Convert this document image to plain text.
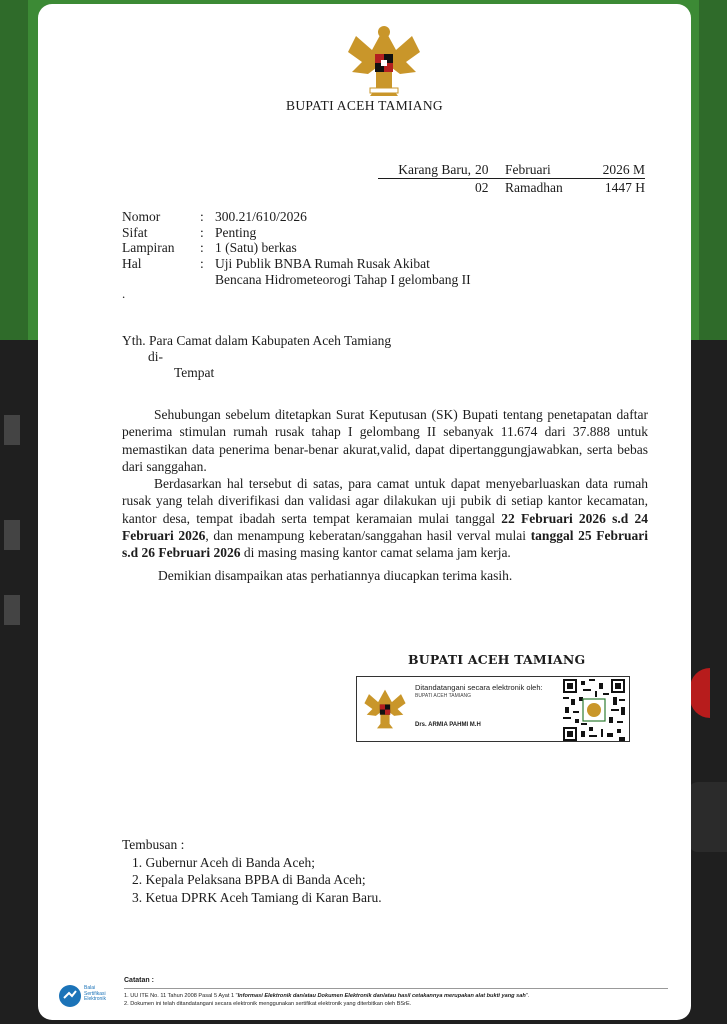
BUPATI ACEH TAMIANG
Karang Baru, 20	Februari	2026 M
02	Ramadhan	1447 H
Nomor	: 300.21/610/2026
Sifat	: Penting
Lampiran	: 1 (Satu) berkas
Hal	: Uji Publik BNBA Rumah Rusak Akibat
Bencana Hidrometeorogi Tahap I gelombang II
.
Yth. Para Camat dalam Kabupaten Aceh Tamiang
di-
Tempat

Sehubungan sebelum ditetapkan Surat Keputusan (SK) Bupati tentang penetapatan daftar penerima stimulan rumah rusak tahap I gelombang II sebanyak 11.674 dari 37.888 untuk memastikan data penerima benar-benar akurat,valid, dapat dipertanggungjawabkan, serta bebas dari sanggahan.

Berdasarkan hal tersebut di satas, para camat untuk dapat menyebarluaskan data rumah rusak yang telah diverifikasi dan validasi agar dilakukan uji pubik di setiap kantor kecamatan, kantor desa, tempat ibadah serta tempat keramaian mulai tanggal 22 Februari 2026 s.d 24 Februari 2026, dan menampung keberatan/sanggahan hasil verval mulai tanggal 25 Februari s.d 26 Februari 2026 di masing masing kantor camat selama jam kerja.

Demikian disampaikan atas perhatiannya diucapkan terima kasih.

BUPATI ACEH TAMIANG
Ditandatangani secara elektronik oleh:
BUPATI ACEH TAMIANG
Drs. ARMIA PAHMI M.H
Tembusan :
1. Gubernur Aceh di Banda Aceh;
2. Kepala Pelaksana BPBA di Banda Aceh;
3. Ketua DPRK Aceh Tamiang di Karan Baru.
Balai Sertifikasi Elektronik
Catatan :
1. UU ITE No. 11 Tahun 2008 Pasal 5 Ayat 1 "Informasi Elektronik dan/atau Dokumen Elektronik dan/atau hasil cetakannya merupakan alat bukti yang sah".
2. Dokumen ini telah ditandatangani secara elektronik menggunakan sertifikat elektronik yang diterbitkan oleh BSrE.
